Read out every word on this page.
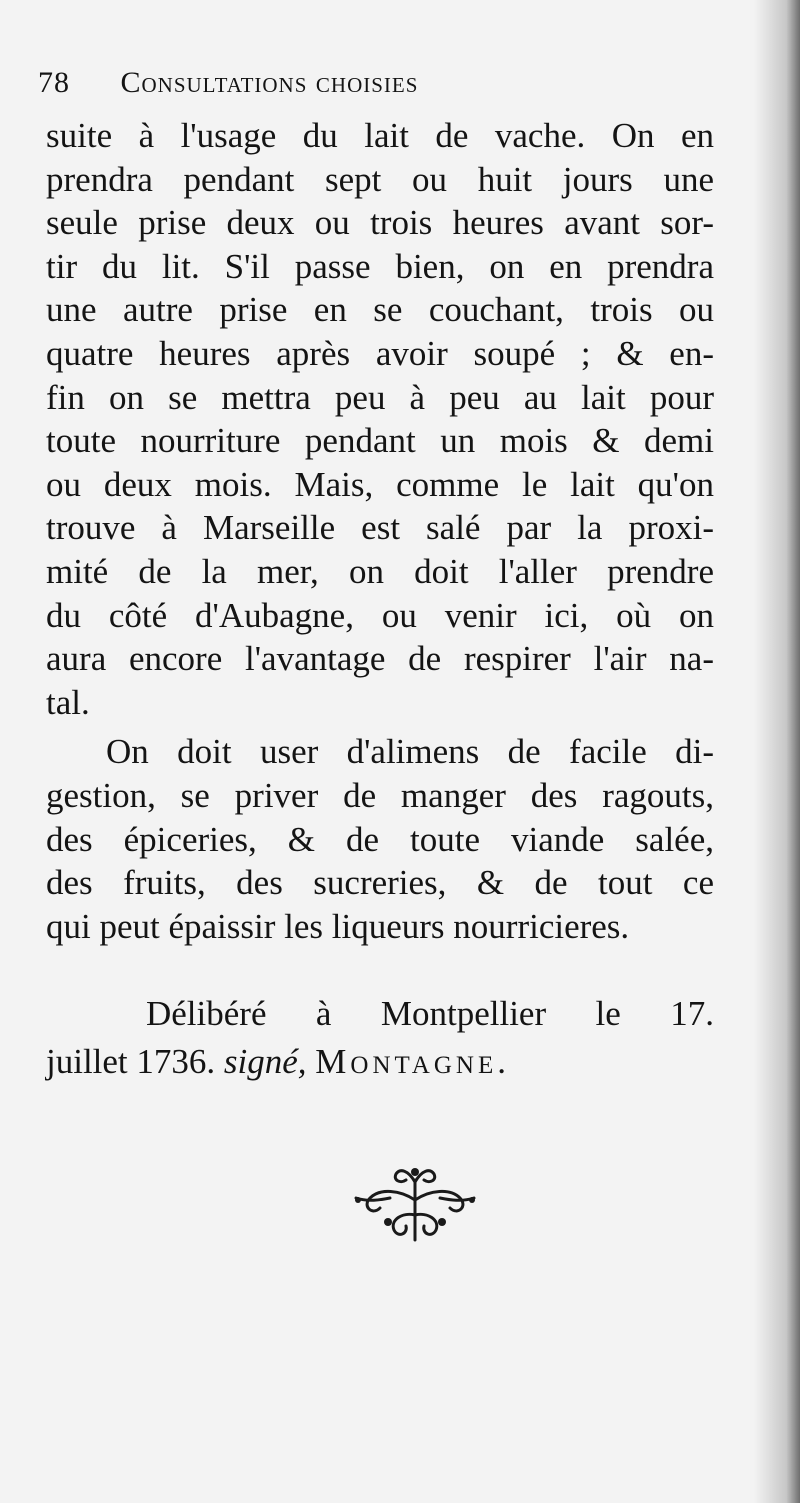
78 Consultations choisies
suite à l'usage du lait de vache. On en
prendra pendant sept ou huit jours une
seule prise deux ou trois heures avant sor-
tir du lit. S'il passe bien, on en prendra
une autre prise en se couchant, trois ou
quatre heures après avoir soupé ; & en-
fin on se mettra peu à peu au lait pour
toute nourriture pendant un mois & demi
ou deux mois. Mais, comme le lait qu'on
trouve à Marseille est salé par la proxi-
mité de la mer, on doit l'aller prendre
du côté d'Aubagne, ou venir ici, où on
aura encore l'avantage de respirer l'air na-
tal.
On doit user d'alimens de facile di-
gestion, se priver de manger des ragouts,
des épiceries, & de toute viande salée,
des fruits, des sucreries, & de tout ce
qui peut épaissir les liqueurs nourricieres.
Délibéré à Montpellier le 17.
juillet 1736. signé, Montagne.
